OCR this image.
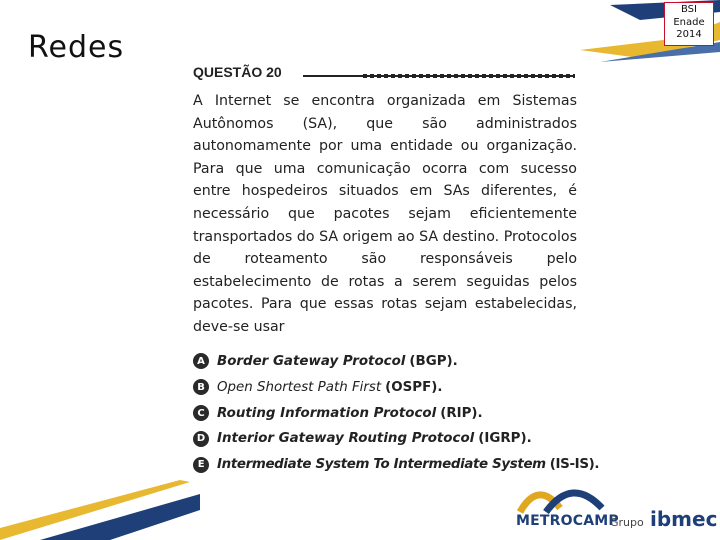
Redes
BSI
Enade
2014
QUESTÃO 20
A Internet se encontra organizada em Sistemas Autônomos (SA), que são administrados autonomamente por uma entidade ou organização. Para que uma comunicação ocorra com sucesso entre hospedeiros situados em SAs diferentes, é necessário que pacotes sejam eficientemente transportados do SA origem ao SA destino. Protocolos de roteamento são responsáveis pelo estabelecimento de rotas a serem seguidas pelos pacotes. Para que essas rotas sejam estabelecidas, deve-se usar
A Border Gateway Protocol (BGP).
B Open Shortest Path First (OSPF).
C Routing Information Protocol (RIP).
D Interior Gateway Routing Protocol (IGRP).
E Intermediate System To Intermediate System (IS-IS).
METROCAMP
Grupo ibmec
